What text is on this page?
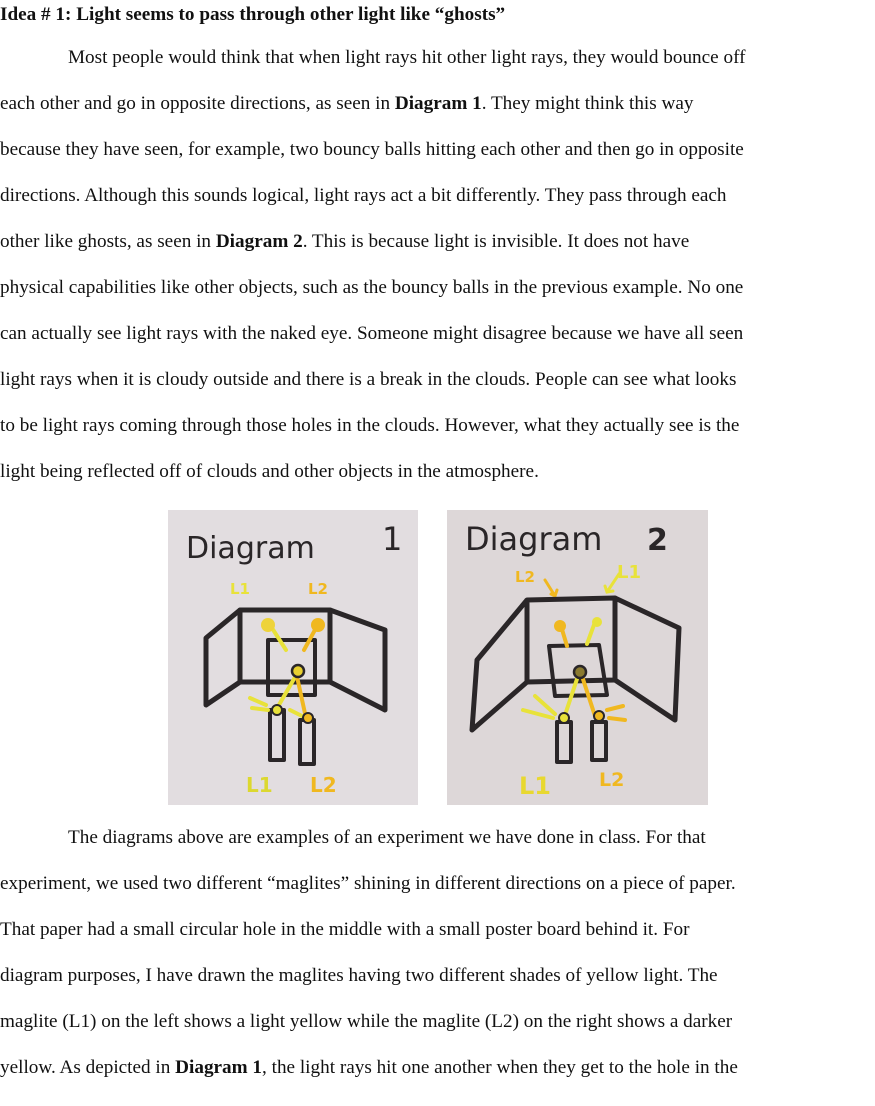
Idea # 1: Light seems to pass through other light like “ghosts”
Most people would think that when light rays hit other light rays, they would bounce off
each other and go in opposite directions, as seen in Diagram 1. They might think this way
because they have seen, for example, two bouncy balls hitting each other and then go in opposite
directions. Although this sounds logical, light rays act a bit differently. They pass through each
other like ghosts, as seen in Diagram 2. This is because light is invisible. It does not have
physical capabilities like other objects, such as the bouncy balls in the previous example. No one
can actually see light rays with the naked eye. Someone might disagree because we have all seen
light rays when it is cloudy outside and there is a break in the clouds. People can see what looks
to be light rays coming through those holes in the clouds. However, what they actually see is the
light being reflected off of clouds and other objects in the atmosphere.
Diagram 1
L1	L2
L1 L2
Diagram 2
L2	L1
L1	L2
The diagrams above are examples of an experiment we have done in class. For that
experiment, we used two different “maglites” shining in different directions on a piece of paper.
That paper had a small circular hole in the middle with a small poster board behind it. For
diagram purposes, I have drawn the maglites having two different shades of yellow light. The
maglite (L1) on the left shows a light yellow while the maglite (L2) on the right shows a darker
yellow. As depicted in Diagram 1, the light rays hit one another when they get to the hole in the
